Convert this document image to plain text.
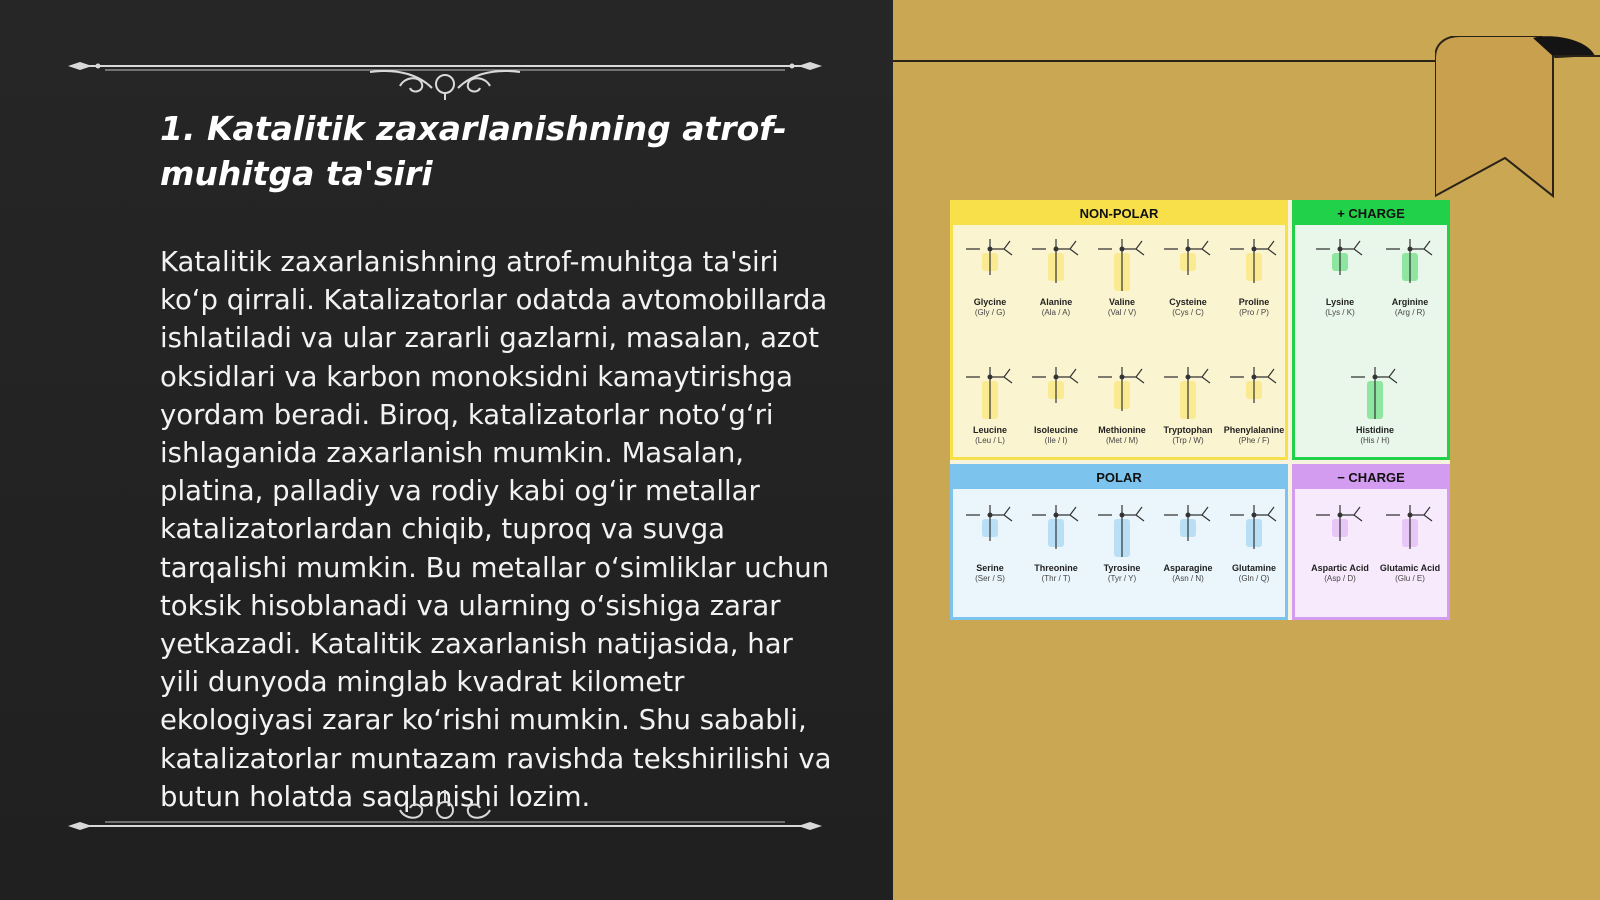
1. Katalitik zaxarlanishning atrof-muhitga ta'siri

Katalitik zaxarlanishning atrof-muhitga ta'siri ko‘p qirrali. Katalizatorlar odatda avtomobillarda ishlatiladi va ular zararli gazlarni, masalan, azot oksidlari va karbon monoksidni kamaytirishga yordam beradi. Biroq, katalizatorlar noto‘g‘ri ishlaganida zaxarlanish mumkin. Masalan, platina, palladiy va rodiy kabi og‘ir metallar katalizatorlardan chiqib, tuproq va suvga tarqalishi mumkin. Bu metallar o‘simliklar uchun toksik hisoblanadi va ularning o‘sishiga zarar yetkazadi. Katalitik zaxarlanish natijasida, har yili dunyoda minglab kvadrat kilometr ekologiyasi zarar ko‘rishi mumkin. Shu sababli, katalizatorlar muntazam ravishda tekshirilishi va butun holatda saqlanishi lozim.

NON-POLAR
Glycine
(Gly / G)
Alanine
(Ala / A)
Valine
(Val / V)
Cysteine
(Cys / C)
Proline
(Pro / P)
Leucine
(Leu / L)
Isoleucine
(Ile / I)
Methionine
(Met / M)
Tryptophan
(Trp / W)
Phenylalanine
(Phe / F)
+ CHARGE
Lysine
(Lys / K)
Arginine
(Arg / R)
Histidine
(His / H)
POLAR
Serine
(Ser / S)
Threonine
(Thr / T)
Tyrosine
(Tyr / Y)
Asparagine
(Asn / N)
Glutamine
(Gln / Q)
− CHARGE
Aspartic Acid
(Asp / D)
Glutamic Acid
(Glu / E)
